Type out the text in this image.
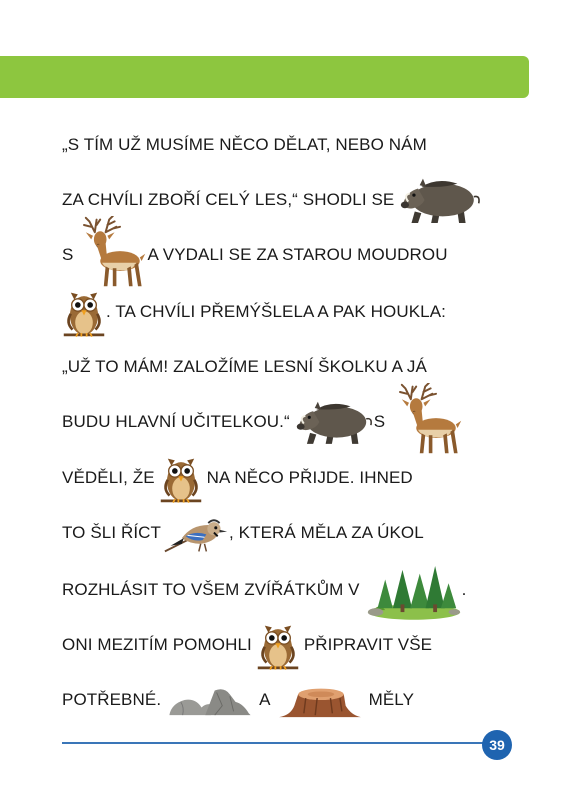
„S TÍM UŽ MUSÍME NĚCO DĚLAT, NEBO NÁM
ZA CHVÍLI ZBOŘÍ CELÝ LES,“ SHODLI SE
S	A VYDALI SE ZA STAROU MOUDROU
. TA CHVÍLI PŘEMÝŠLELA A PAK HOUKLA:
„UŽ TO MÁM! ZALOŽÍME LESNÍ ŠKOLKU A JÁ
BUDU HLAVNÍ UČITELKOU.“	S
VĚDĚLI, ŽE	NA NĚCO PŘIJDE. IHNED
TO ŠLI ŘÍCT	, KTERÁ MĚLA ZA ÚKOL
ROZHLÁSIT TO VŠEM ZVÍŘÁTKŮM V	.
ONI MEZITÍM POMOHLI	PŘIPRAVIT VŠE
POTŘEBNÉ.	A	MĚLY
39
